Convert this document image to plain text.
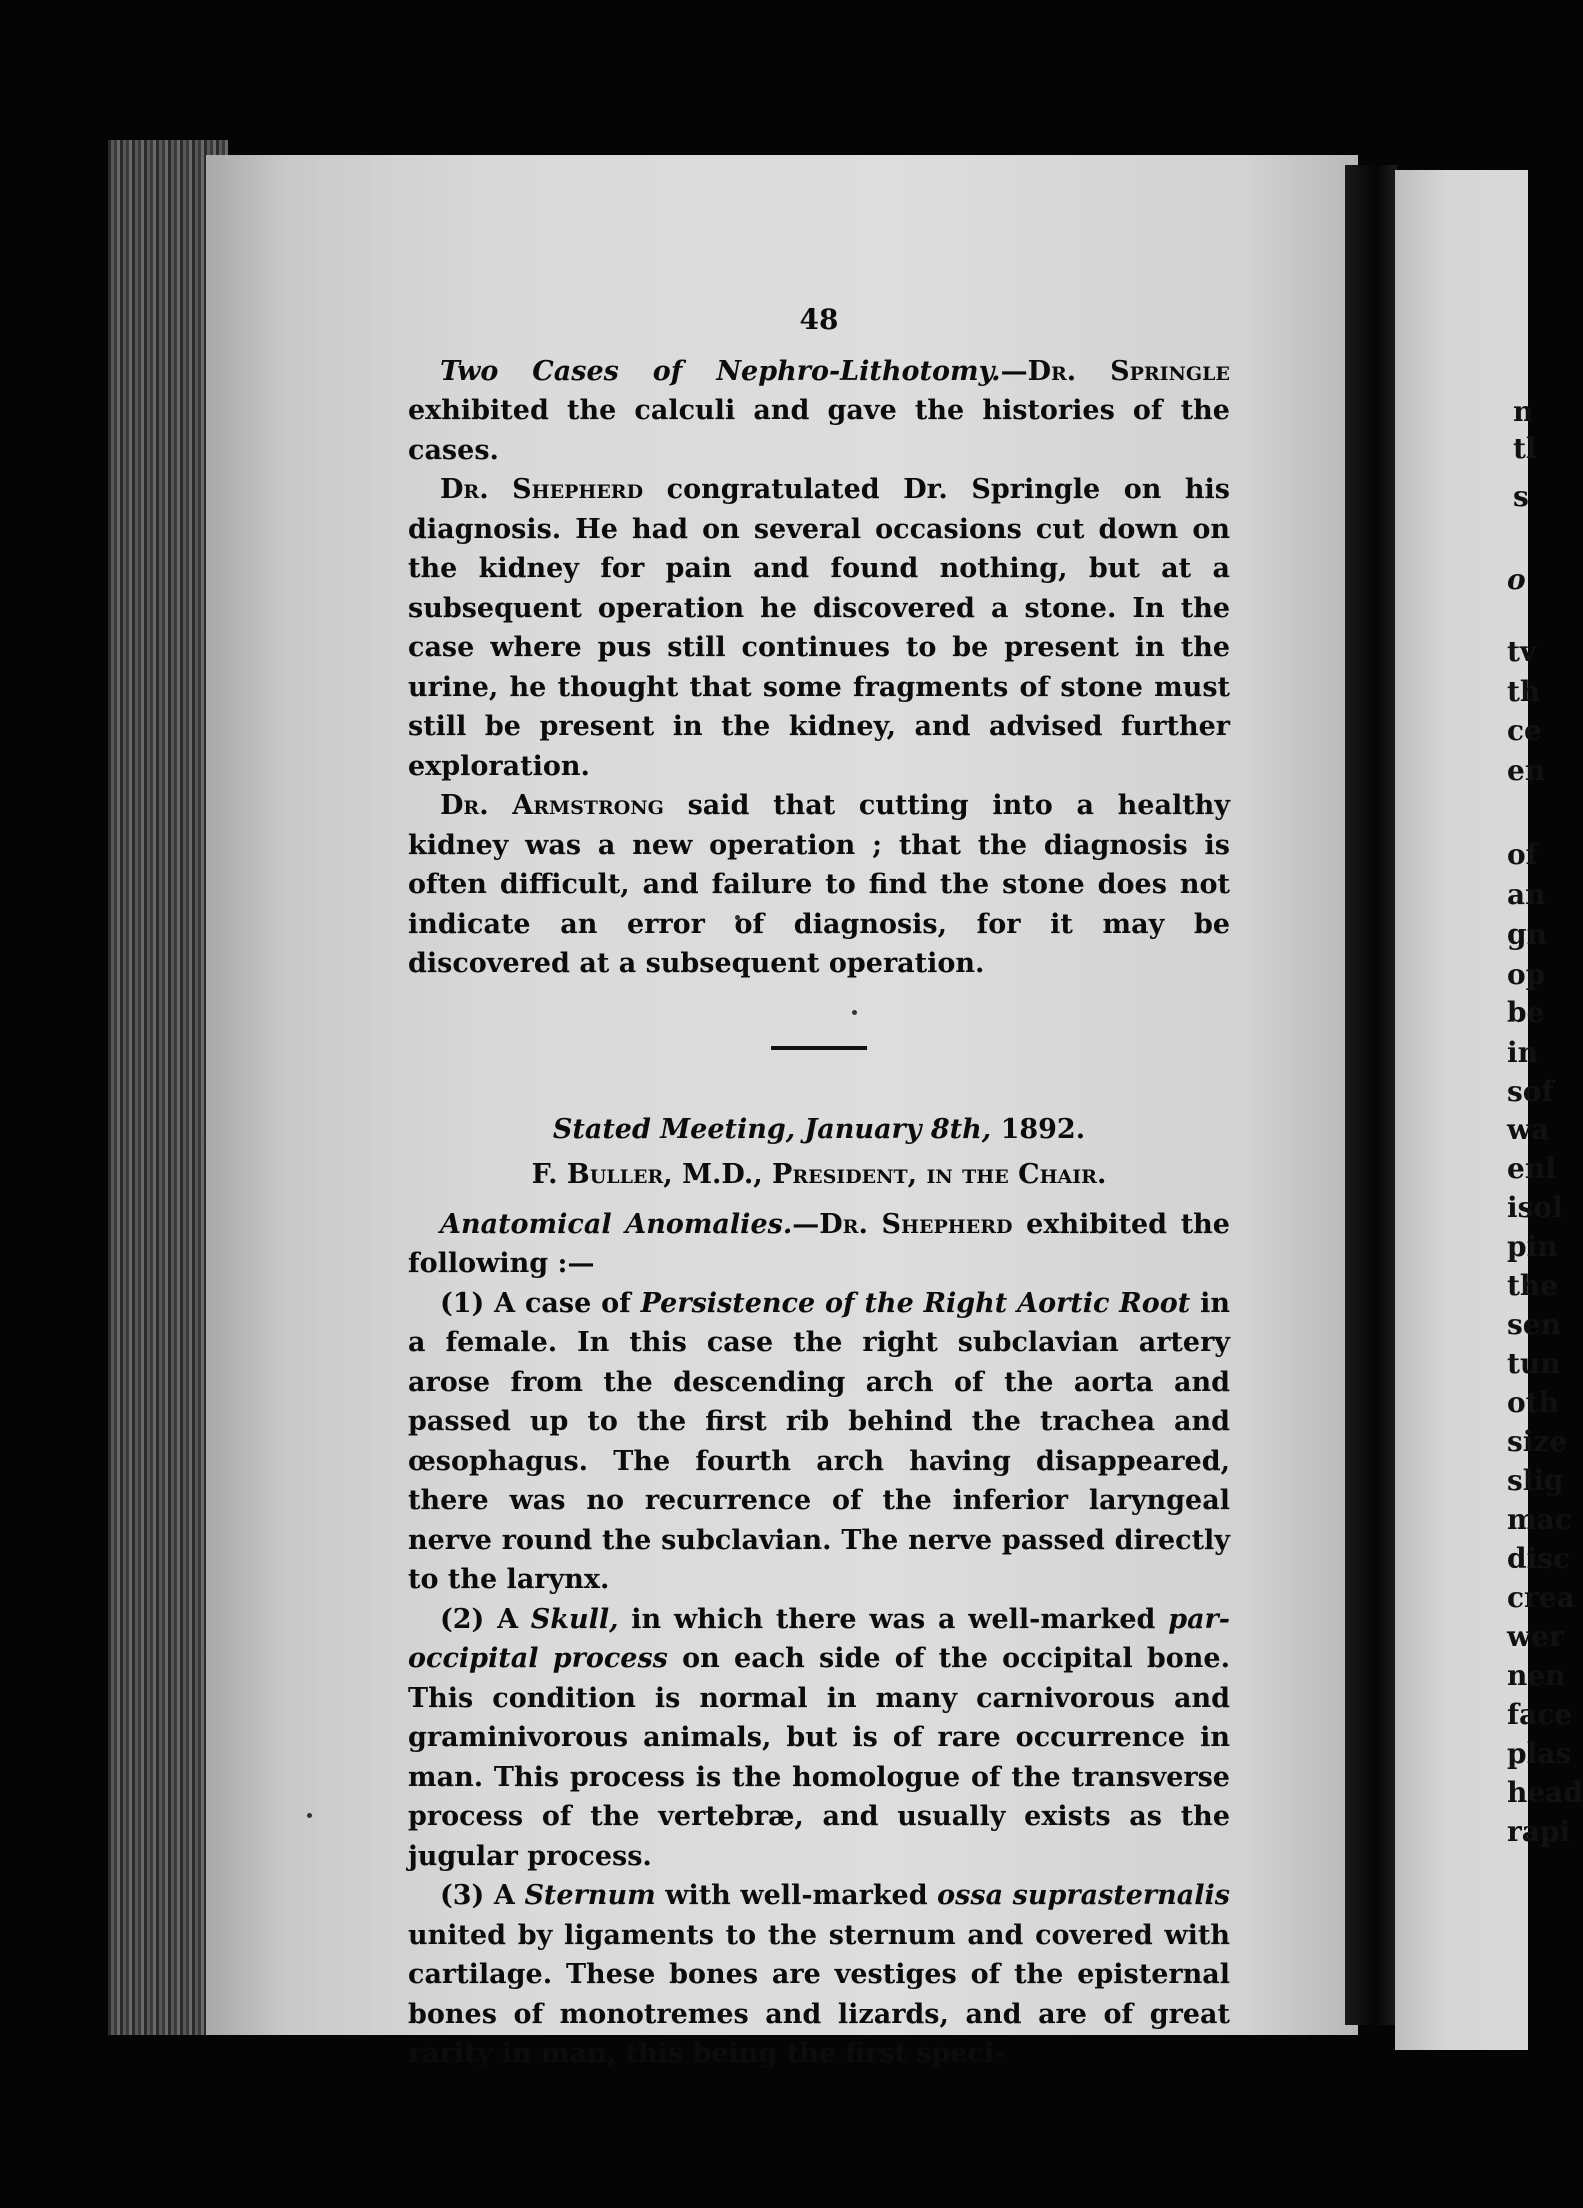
n
tl
s
o
tv
th
ce
en
of
an
gn
op
be
in
sof
wa
enl
isol
pin
the
sen
tun
oth
size
slig
mac
disc
crea
wer
nen
face
plas
head
rapi
48

Two Cases of Nephro-Lithotomy.—Dr. Springle exhibited the calculi and gave the histories of the cases.

Dr. Shepherd congratulated Dr. Springle on his diagnosis. He had on several occasions cut down on the kidney for pain and found nothing, but at a subsequent operation he discovered a stone. In the case where pus still continues to be present in the urine, he thought that some fragments of stone must still be present in the kidney, and advised further exploration.

Dr. Armstrong said that cutting into a healthy kidney was a new operation ; that the diagnosis is often difficult, and failure to find the stone does not indicate an error of diagnosis, for it may be discovered at a subsequent operation.

Stated Meeting, January 8th, 1892.

F. Buller, M.D., President, in the Chair.

Anatomical Anomalies.—Dr. Shepherd exhibited the following :—

(1) A case of Persistence of the Right Aortic Root in a female. In this case the right subclavian artery arose from the descending arch of the aorta and passed up to the first rib behind the trachea and œsophagus. The fourth arch having disappeared, there was no recurrence of the inferior laryngeal nerve round the subclavian. The nerve passed directly to the larynx.

(2) A Skull, in which there was a well-marked par-occipital process on each side of the occipital bone. This condition is normal in many carnivorous and graminivorous animals, but is of rare occurrence in man. This process is the homologue of the transverse process of the vertebræ, and usually exists as the jugular process.

(3) A Sternum with well-marked ossa suprasternalis united by ligaments to the sternum and covered with cartilage. These bones are vestiges of the episternal bones of monotremes and lizards, and are of great rarity in man, this being the first speci-
